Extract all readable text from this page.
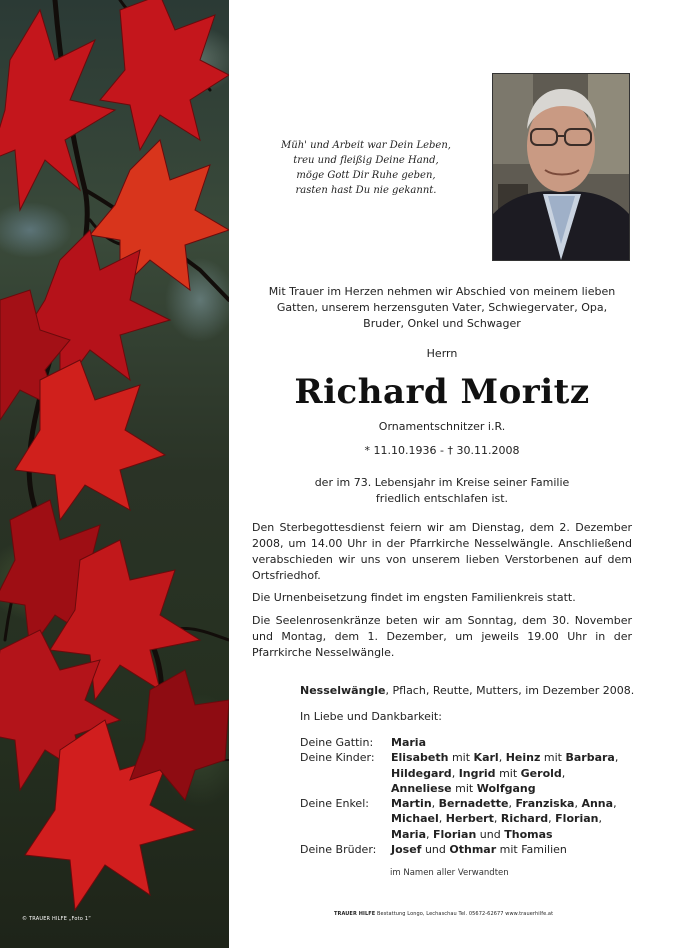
© TRAUER HILFE „Foto 1“
Müh' und Arbeit war Dein Leben,
treu und fleißig Deine Hand,
möge Gott Dir Ruhe geben,
rasten hast Du nie gekannt.
Mit Trauer im Herzen nehmen wir Abschied von meinem lieben
Gatten, unserem herzensguten Vater, Schwiegervater, Opa,
Bruder, Onkel und Schwager
Herrn
Richard Moritz
Ornamentschnitzer i.R.
* 11.10.1936 - † 30.11.2008
der im 73. Lebensjahr im Kreise seiner Familie
friedlich entschlafen ist.
Den Sterbegottesdienst feiern wir am Dienstag, dem 2. Dezember 2008, um 14.00 Uhr in der Pfarrkirche Nesselwängle. Anschließend verabschieden wir uns von unserem lieben Verstorbenen auf dem Ortsfriedhof.
Die Urnenbeisetzung findet im engsten Familienkreis statt.
Die Seelenrosenkränze beten wir am Sonntag, dem 30. November und Montag, dem 1. Dezember, um jeweils 19.00 Uhr in der Pfarrkirche Nesselwängle.
Nesselwängle, Pflach, Reutte, Mutters, im Dezember 2008.
In Liebe und Dankbarkeit:
Deine Gattin:	Maria
Deine Kinder:	Elisabeth mit Karl, Heinz mit Barbara,
Hildegard, Ingrid mit Gerold,
Anneliese mit Wolfgang
Deine Enkel:	Martin, Bernadette, Franziska, Anna,
Michael, Herbert, Richard, Florian,
Maria, Florian und Thomas
Deine Brüder:	Josef und Othmar mit Familien
im Namen aller Verwandten
TRAUER HILFE Bestattung Longo, Lechaschau Tel. 05672-62677 www.trauerhilfe.at
